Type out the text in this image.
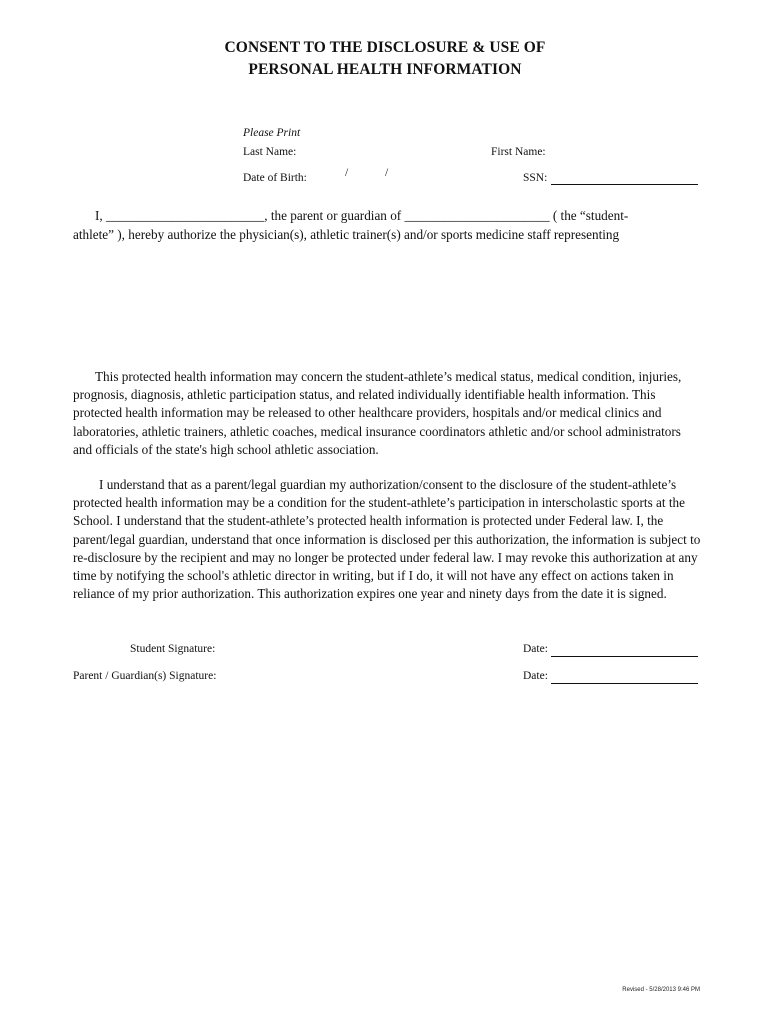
CONSENT TO THE DISCLOSURE & USE OF
PERSONAL HEALTH INFORMATION
Please Print
Last Name:	First Name:
Date of Birth:	/	/	SSN:
I, ________________________, the parent or guardian of ______________________ ( the “student-
athlete” ), hereby authorize the physician(s), athletic trainer(s) and/or sports medicine staff representing
This protected health information may concern the student-athlete’s medical status, medical condition, injuries, prognosis, diagnosis, athletic participation status, and related individually identifiable health information. This protected health information may be released to other healthcare providers, hospitals and/or medical clinics and laboratories, athletic trainers, athletic coaches, medical insurance coordinators athletic and/or school administrators and officials of the state's high school athletic association.
I understand that as a parent/legal guardian my authorization/consent to the disclosure of the student-athlete’s protected health information may be a condition for the student-athlete’s participation in interscholastic sports at the School. I understand that the student-athlete’s protected health information is protected under Federal law. I, the parent/legal guardian, understand that once information is disclosed per this authorization, the information is subject to re-disclosure by the recipient and may no longer be protected under federal law. I may revoke this authorization at any time by notifying the school's athletic director in writing, but if I do, it will not have any effect on actions taken in reliance of my prior authorization. This authorization expires one year and ninety days from the date it is signed.
Student Signature:	Date:
Parent / Guardian(s) Signature:	Date:
Revised - 5/28/2013 9:46 PM
